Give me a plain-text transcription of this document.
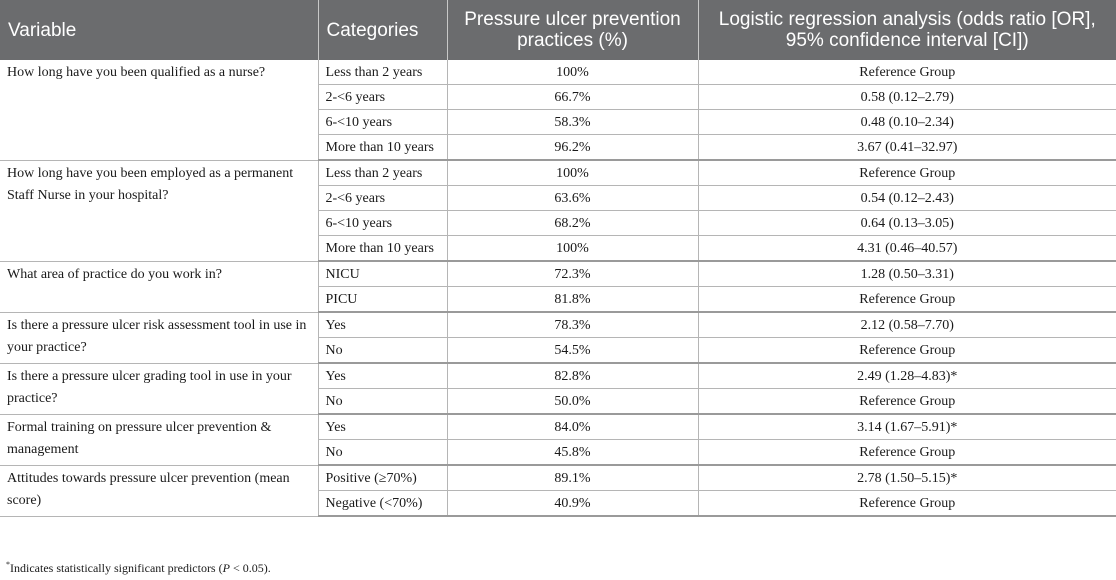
Variable	Categories	Pressure ulcer prevention practices (%)	Logistic regression analysis (odds ratio [OR], 95% confidence interval [CI])
How long have you been qualified as a nurse?	Less than 2 years	100%	Reference Group
	2-<6 years	66.7%	0.58 (0.12–2.79)
	6-<10 years	58.3%	0.48 (0.10–2.34)
	More than 10 years	96.2%	3.67 (0.41–32.97)
How long have you been employed as a permanent Staff Nurse in your hospital?	Less than 2 years	100%	Reference Group
	2-<6 years	63.6%	0.54 (0.12–2.43)
	6-<10 years	68.2%	0.64 (0.13–3.05)
	More than 10 years	100%	4.31 (0.46–40.57)
What area of practice do you work in?	NICU	72.3%	1.28 (0.50–3.31)
	PICU	81.8%	Reference Group
Is there a pressure ulcer risk assessment tool in use in your practice?	Yes	78.3%	2.12 (0.58–7.70)
	No	54.5%	Reference Group
Is there a pressure ulcer grading tool in use in your practice?	Yes	82.8%	2.49 (1.28–4.83)*
	No	50.0%	Reference Group
Formal training on pressure ulcer prevention & management	Yes	84.0%	3.14 (1.67–5.91)*
	No	45.8%	Reference Group
Attitudes towards pressure ulcer prevention (mean score)	Positive (≥70%)	89.1%	2.78 (1.50–5.15)*
	Negative (<70%)	40.9%	Reference Group
*Indicates statistically significant predictors (P < 0.05).
